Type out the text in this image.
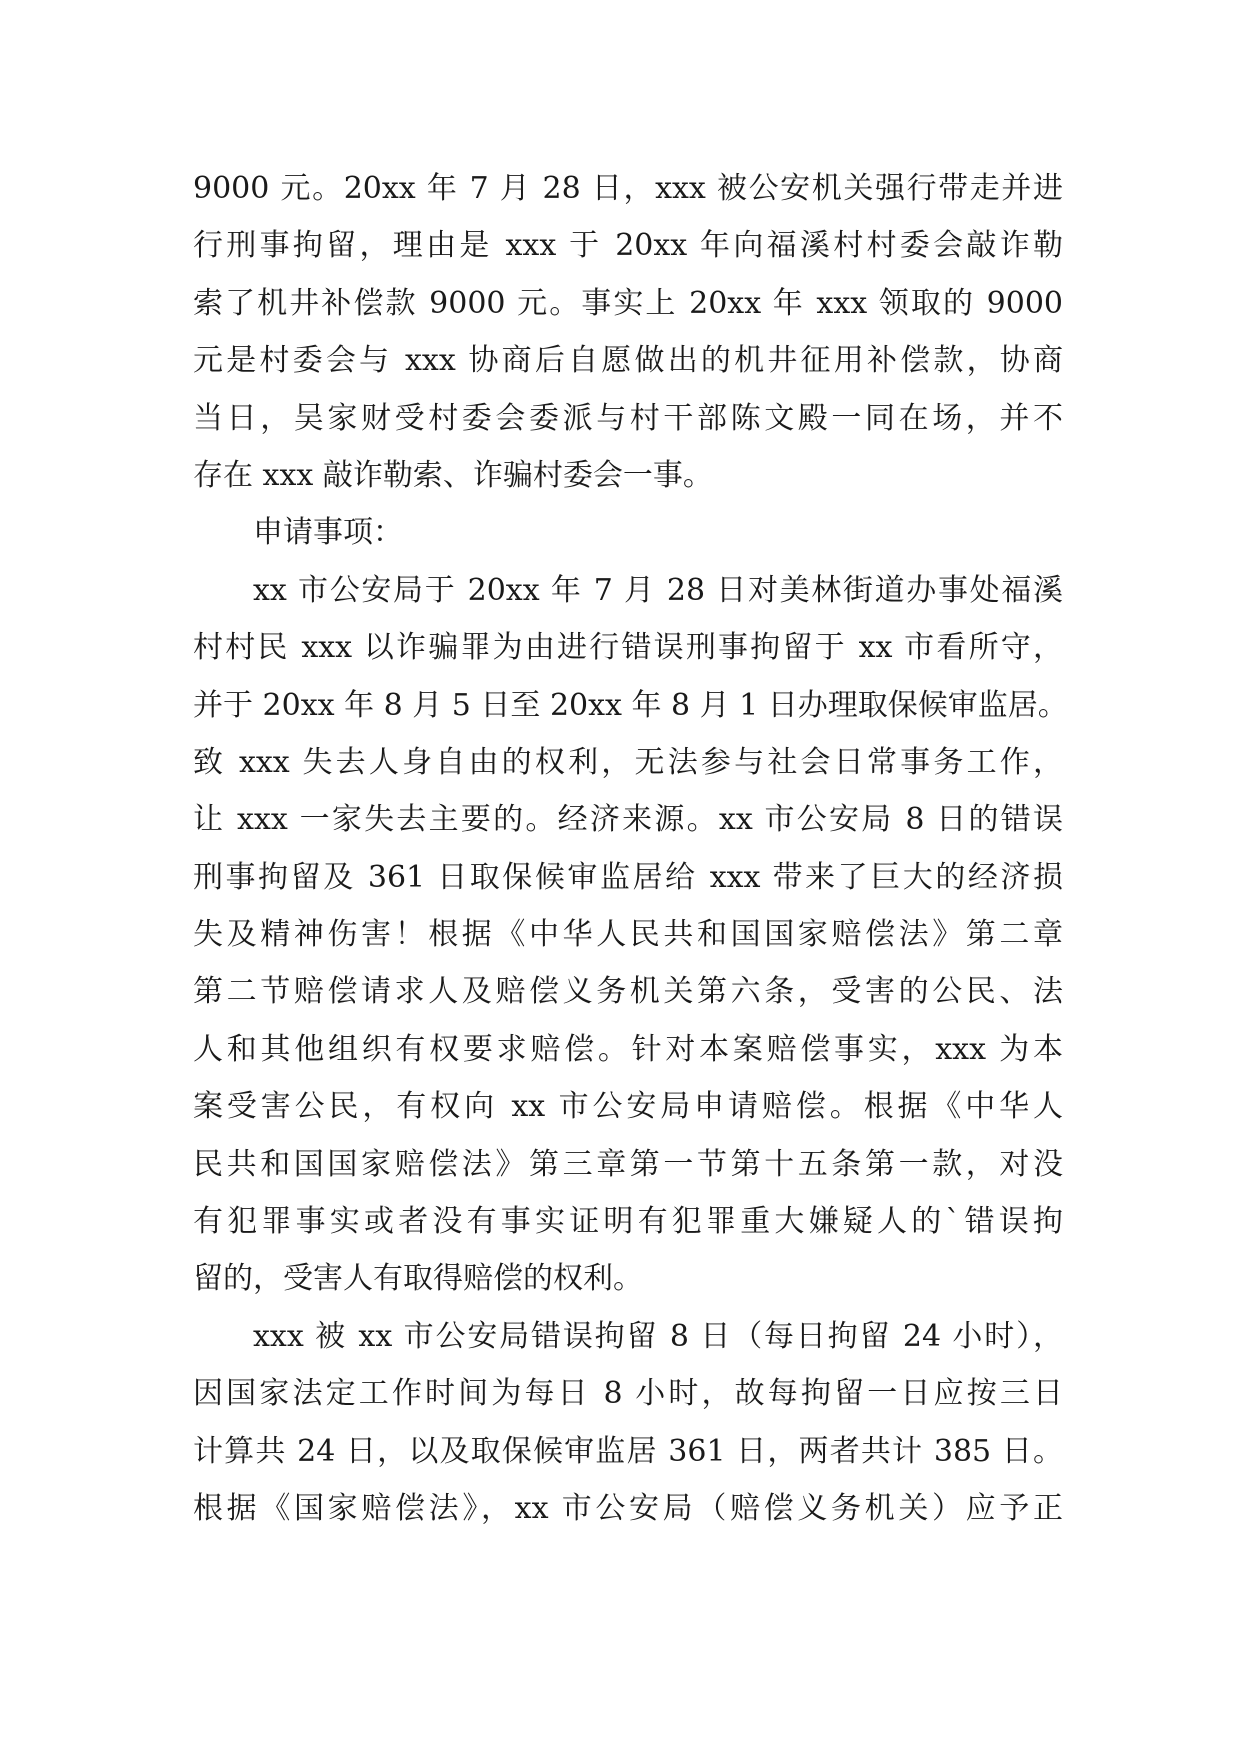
9000 元。20xx 年 7 月 28 日，xxx 被公安机关强行带走并进
行刑事拘留，理由是 xxx 于 20xx 年向福溪村村委会敲诈勒
索了机井补偿款 9000 元。事实上 20xx 年 xxx 领取的 9000
元是村委会与 xxx 协商后自愿做出的机井征用补偿款，协商
当日，吴家财受村委会委派与村干部陈文殿一同在场，并不
存在 xxx 敲诈勒索、诈骗村委会一事。
申请事项：
xx 市公安局于 20xx 年 7 月 28 日对美林街道办事处福溪
村村民 xxx 以诈骗罪为由进行错误刑事拘留于 xx 市看所守，
并于 20xx 年 8 月 5 日至 20xx 年 8 月 1 日办理取保候审监居。
致 xxx 失去人身自由的权利，无法参与社会日常事务工作，
让 xxx 一家失去主要的。经济来源。xx 市公安局 8 日的错误
刑事拘留及 361 日取保候审监居给 xxx 带来了巨大的经济损
失及精神伤害！根据《中华人民共和国国家赔偿法》第二章
第二节赔偿请求人及赔偿义务机关第六条，受害的公民、法
人和其他组织有权要求赔偿。针对本案赔偿事实，xxx 为本
案受害公民，有权向 xx 市公安局申请赔偿。根据《中华人
民共和国国家赔偿法》第三章第一节第十五条第一款，对没
有犯罪事实或者没有事实证明有犯罪重大嫌疑人的`错误拘
留的，受害人有取得赔偿的权利。
xxx 被 xx 市公安局错误拘留 8 日（每日拘留 24 小时），
因国家法定工作时间为每日 8 小时，故每拘留一日应按三日
计算共 24 日，以及取保候审监居 361 日，两者共计 385 日。
根据《国家赔偿法》，xx 市公安局（赔偿义务机关）应予正
